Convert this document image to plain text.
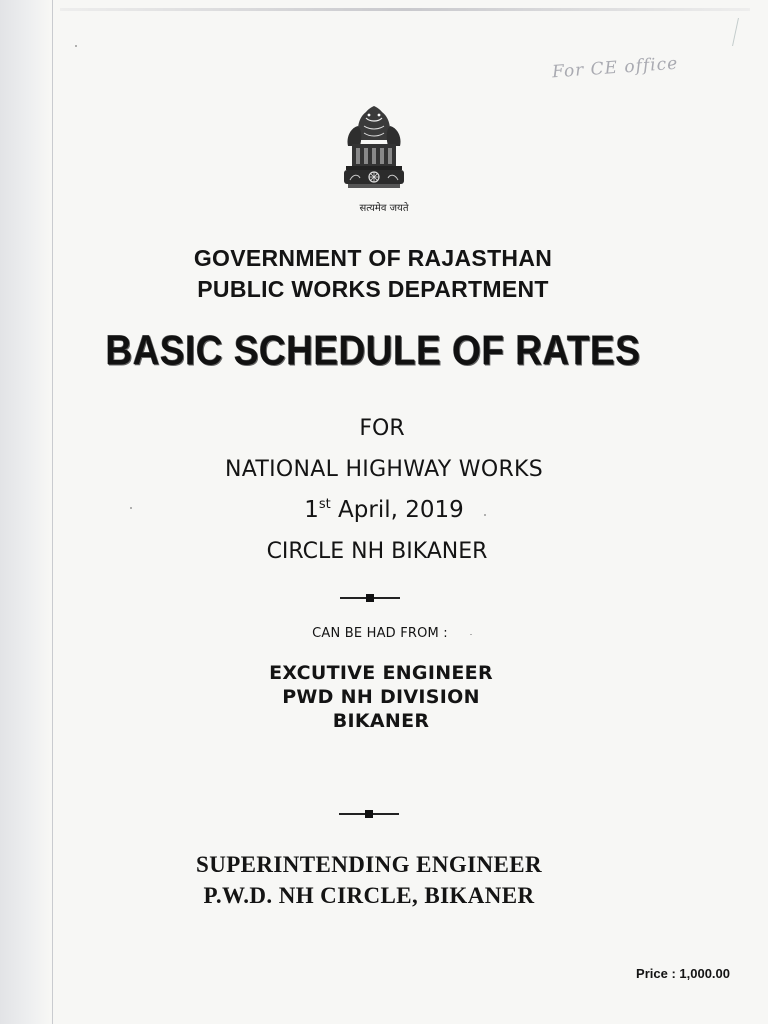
For CE office
सत्यमेव जयते
GOVERNMENT OF RAJASTHAN
PUBLIC WORKS DEPARTMENT
BASIC SCHEDULE OF RATES
FOR
NATIONAL HIGHWAY WORKS
1st April, 2019
CIRCLE NH BIKANER
CAN BE HAD FROM :
EXCUTIVE ENGINEER
PWD NH DIVISION
BIKANER
SUPERINTENDING ENGINEER
P.W.D. NH CIRCLE, BIKANER
Price : 1,000.00
